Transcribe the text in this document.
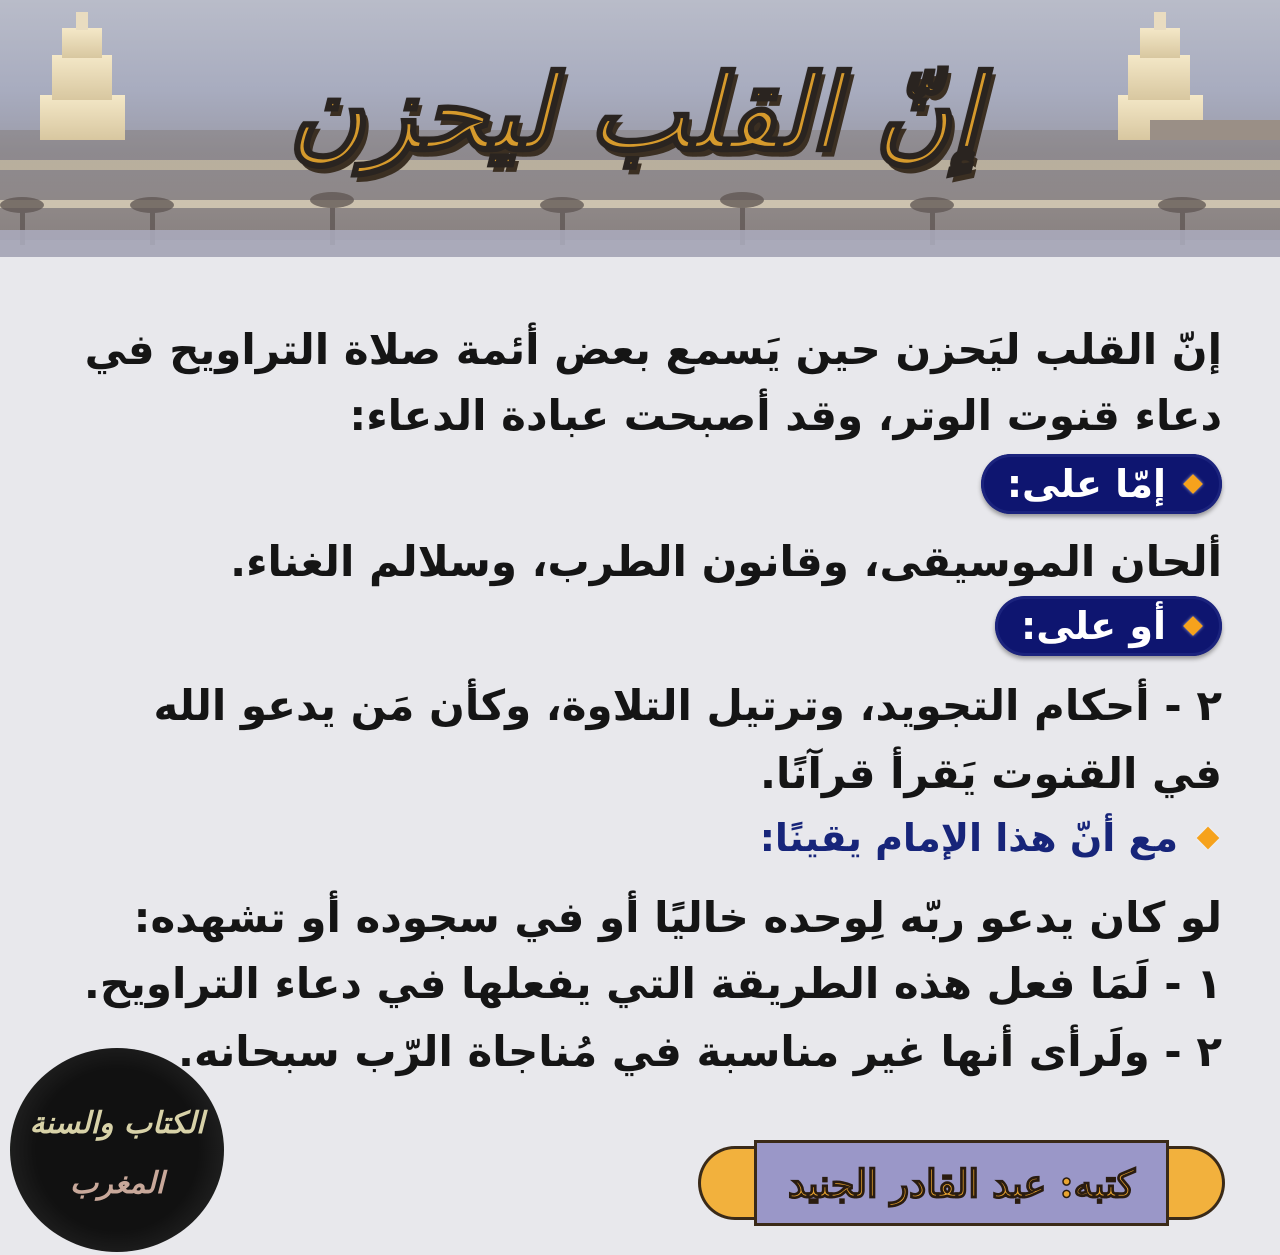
إنّ القلب ليحزن
إنّ القلب ليَحزن حين يَسمع بعض أئمة صلاة التراويح في
دعاء قنوت الوتر، وقد أصبحت عبادة الدعاء:
إمّا على:
ألحان الموسيقى، وقانون الطرب، وسلالم الغناء.
أو على:
٢ - أحكام التجويد، وترتيل التلاوة، وكأن مَن يدعو الله
في القنوت يَقرأ قرآنًا.
مع أنّ هذا الإمام يقينًا:
لو كان يدعو ربّه لِوحده خاليًا أو في سجوده أو تشهده:
١ - لَمَا فعل هذه الطريقة التي يفعلها في دعاء التراويح.
٢ - ولَرأى أنها غير مناسبة في مُناجاة الرّب سبحانه.
الكتاب والسنة
المغرب	كتبه: عبد القادر الجنيد
